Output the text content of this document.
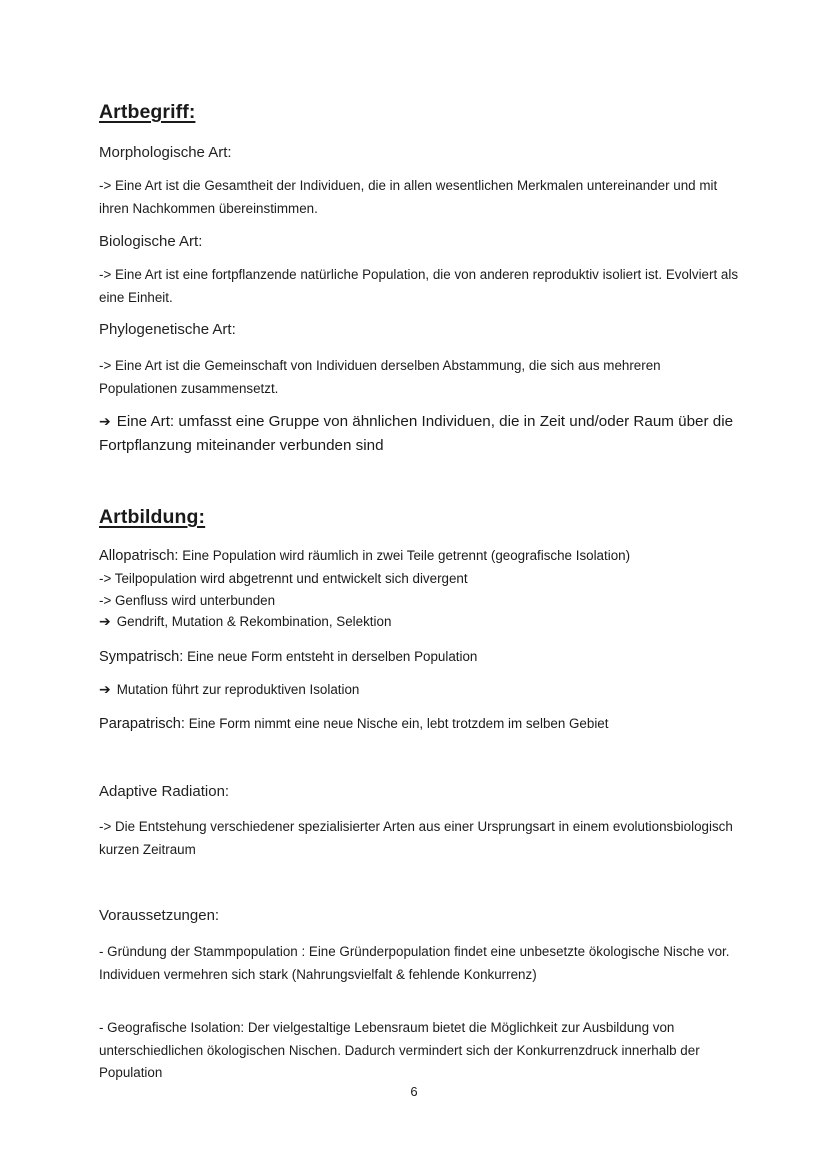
Artbegriff:

Morphologische Art:

-> Eine Art ist die Gesamtheit der Individuen, die in allen wesentlichen Merkmalen untereinander und mit ihren Nachkommen übereinstimmen.

Biologische Art:

-> Eine Art ist eine fortpflanzende natürliche Population, die von anderen reproduktiv isoliert ist. Evolviert als eine Einheit.

Phylogenetische Art:

-> Eine Art ist die Gemeinschaft von Individuen derselben Abstammung, die sich aus mehreren Populationen zusammensetzt.

➔ Eine Art: umfasst eine Gruppe von ähnlichen Individuen, die in Zeit und/oder Raum über die Fortpflanzung miteinander verbunden sind

Artbildung:

Allopatrisch: Eine Population wird räumlich in zwei Teile getrennt (geografische Isolation)

-> Teilpopulation wird abgetrennt und entwickelt sich divergent

-> Genfluss wird unterbunden

➔ Gendrift, Mutation & Rekombination, Selektion

Sympatrisch: Eine neue Form entsteht in derselben Population

➔ Mutation führt zur reproduktiven Isolation

Parapatrisch: Eine Form nimmt eine neue Nische ein, lebt trotzdem im selben Gebiet

Adaptive Radiation:

-> Die Entstehung verschiedener spezialisierter Arten aus einer Ursprungsart in einem evolutionsbiologisch kurzen Zeitraum

Voraussetzungen:

- Gründung der Stammpopulation : Eine Gründerpopulation findet eine unbesetzte ökologische Nische vor. Individuen vermehren sich stark (Nahrungsvielfalt & fehlende Konkurrenz)

- Geografische Isolation: Der vielgestaltige Lebensraum bietet die Möglichkeit zur Ausbildung von unterschiedlichen ökologischen Nischen. Dadurch vermindert sich der Konkurrenzdruck innerhalb der Population

6
